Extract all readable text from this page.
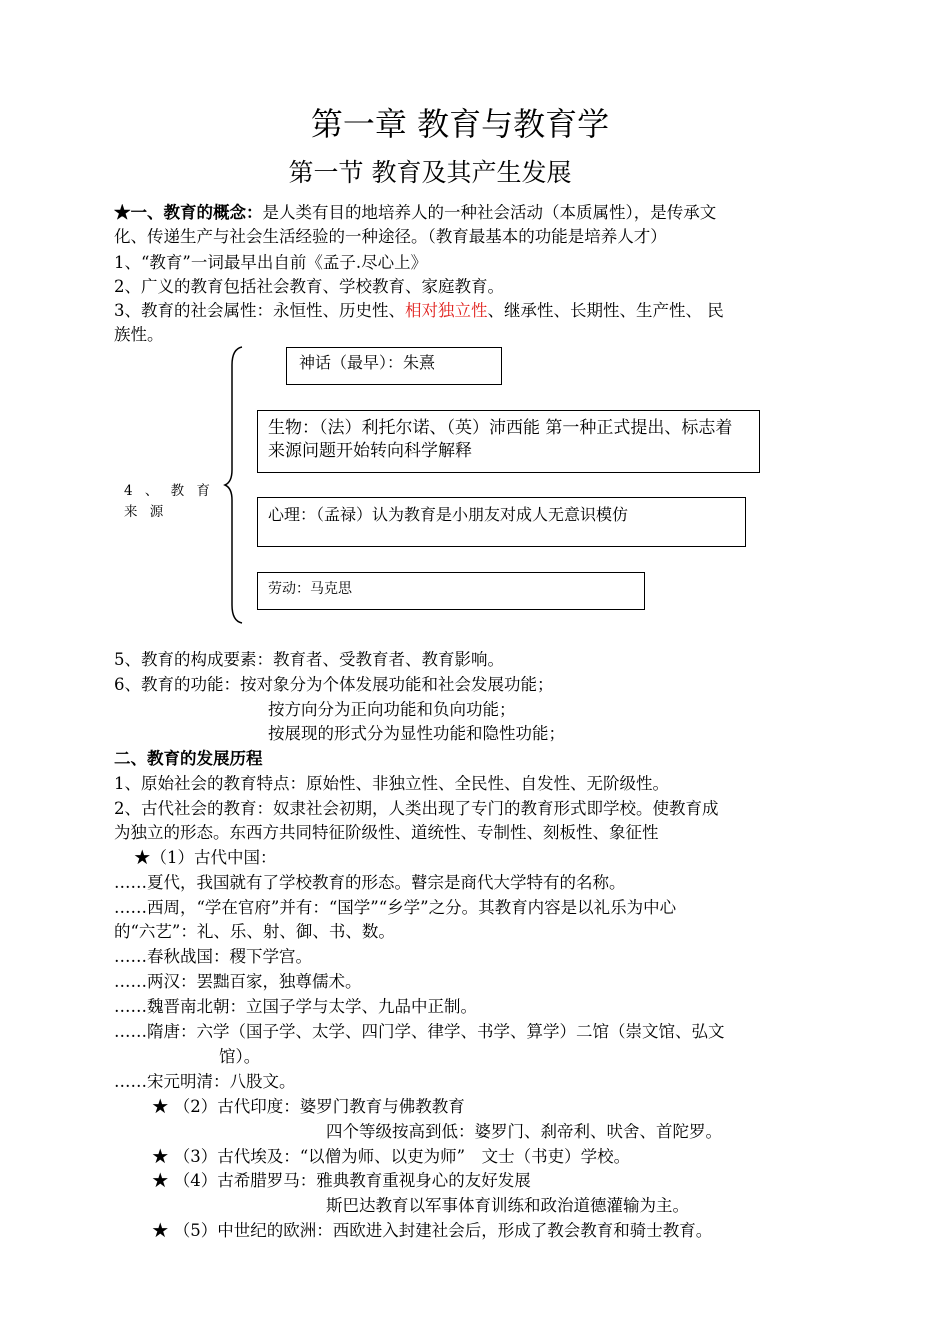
第一章 教育与教育学
第一节 教育及其产生发展
★一、教育的概念：是人类有目的地培养人的一种社会活动（本质属性），是传承文
化、传递生产与社会生活经验的一种途径。（教育最基本的功能是培养人才）
1、“教育”一词最早出自前《孟子.尽心上》
2、广义的教育包括社会教育、学校教育、家庭教育。
3、教育的社会属性：永恒性、历史性、相对独立性、继承性、长期性、生产性、 民
族性。
4 、 教 育 来 源
神话（最早）：朱熹
生物：（法）利托尔诺、（英）沛西能 第一种正式提出、标志着来源问题开始转向科学解释
心理：（孟禄）认为教育是小朋友对成人无意识模仿
劳动：马克思
5、教育的构成要素：教育者、受教育者、教育影响。
6、教育的功能：按对象分为个体发展功能和社会发展功能；
按方向分为正向功能和负向功能；
按展现的形式分为显性功能和隐性功能；
二、教育的发展历程
1、原始社会的教育特点：原始性、非独立性、全民性、自发性、无阶级性。
2、古代社会的教育：奴隶社会初期，人类出现了专门的教育形式即学校。使教育成
为独立的形态。东西方共同特征阶级性、道统性、专制性、刻板性、象征性
★（1）古代中国：
……夏代，我国就有了学校教育的形态。瞽宗是商代大学特有的名称。
……西周，“学在官府”并有：“国学”“乡学”之分。其教育内容是以礼乐为中心
的“六艺”：礼、乐、射、御、书、数。
……春秋战国：稷下学宫。
……两汉：罢黜百家，独尊儒术。
……魏晋南北朝：立国子学与太学、九品中正制。
……隋唐：六学（国子学、太学、四门学、律学、书学、算学）二馆（崇文馆、弘文
馆）。
……宋元明清：八股文。
★ （2）古代印度：婆罗门教育与佛教教育
四个等级按高到低：婆罗门、刹帝利、吠舍、首陀罗。
★ （3）古代埃及：“以僧为师、以吏为师”　文士（书吏）学校。
★ （4）古希腊罗马：雅典教育重视身心的友好发展
斯巴达教育以军事体育训练和政治道德灌输为主。
★ （5）中世纪的欧洲：西欧进入封建社会后，形成了教会教育和骑士教育。
